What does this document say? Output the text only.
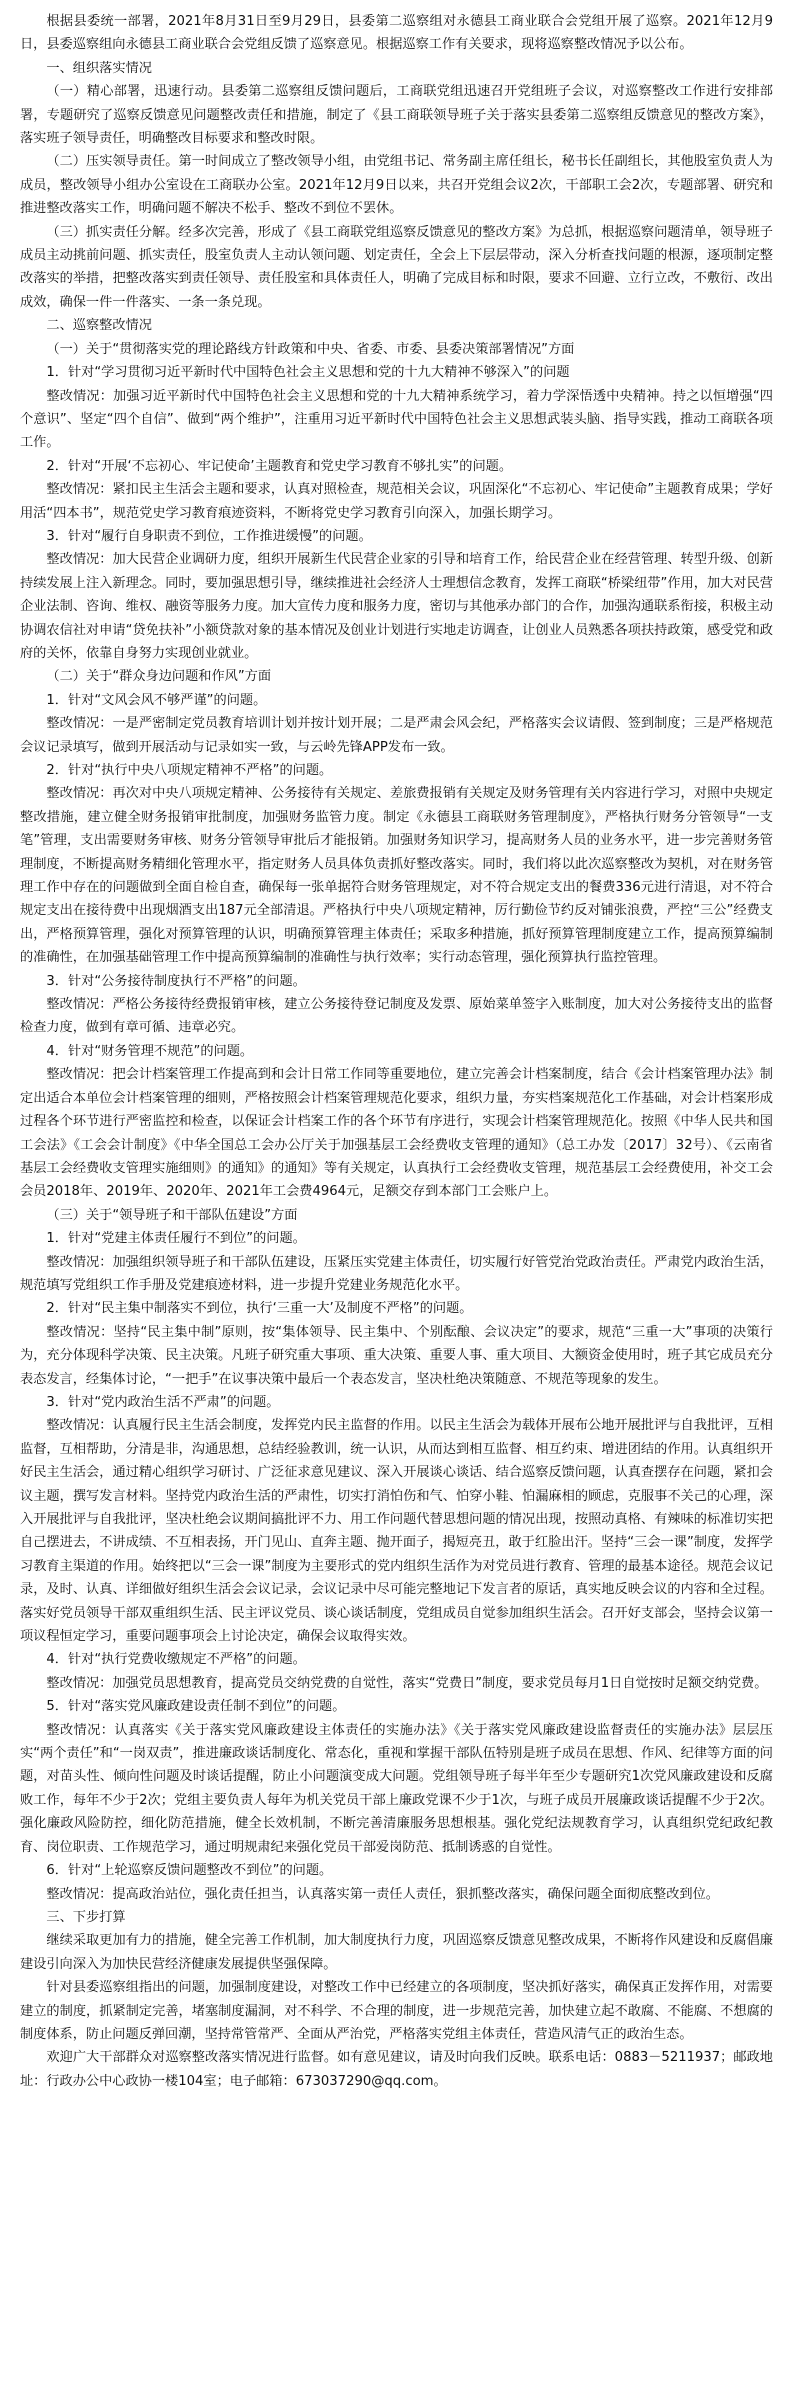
根据县委统一部署，2021年8月31日至9月29日，县委第二巡察组对永德县工商业联合会党组开展了巡察。2021年12月9日，县委巡察组向永德县工商业联合会党组反馈了巡察意见。根据巡察工作有关要求，现将巡察整改情况予以公布。

一、组织落实情况

（一）精心部署，迅速行动。县委第二巡察组反馈问题后，工商联党组迅速召开党组班子会议，对巡察整改工作进行安排部署，专题研究了巡察反馈意见问题整改责任和措施，制定了《县工商联领导班子关于落实县委第二巡察组反馈意见的整改方案》，落实班子领导责任，明确整改目标要求和整改时限。

（二）压实领导责任。第一时间成立了整改领导小组，由党组书记、常务副主席任组长，秘书长任副组长，其他股室负责人为成员，整改领导小组办公室设在工商联办公室。2021年12月9日以来，共召开党组会议2次，干部职工会2次，专题部署、研究和推进整改落实工作，明确问题不解决不松手、整改不到位不罢休。

（三）抓实责任分解。经多次完善，形成了《县工商联党组巡察反馈意见的整改方案》为总抓，根据巡察问题清单，领导班子成员主动挑前问题、抓实责任，股室负责人主动认领问题、划定责任，全会上下层层带动，深入分析查找问题的根源，逐项制定整改落实的举措，把整改落实到责任领导、责任股室和具体责任人，明确了完成目标和时限，要求不回避、立行立改，不敷衍、改出成效，确保一件一件落实、一条一条兑现。

二、巡察整改情况

（一）关于“贯彻落实党的理论路线方针政策和中央、省委、市委、县委决策部署情况”方面

1．针对“学习贯彻习近平新时代中国特色社会主义思想和党的十九大精神不够深入”的问题

整改情况：加强习近平新时代中国特色社会主义思想和党的十九大精神系统学习，着力学深悟透中央精神。持之以恒增强“四个意识”、坚定“四个自信”、做到“两个维护”，注重用习近平新时代中国特色社会主义思想武装头脑、指导实践，推动工商联各项工作。

2．针对“开展‘不忘初心、牢记使命’主题教育和党史学习教育不够扎实”的问题。

整改情况：紧扣民主生活会主题和要求，认真对照检查，规范相关会议，巩固深化“不忘初心、牢记使命”主题教育成果；学好用活“四本书”，规范党史学习教育痕迹资料，不断将党史学习教育引向深入，加强长期学习。

3．针对“履行自身职责不到位，工作推进缓慢”的问题。

整改情况：加大民营企业调研力度，组织开展新生代民营企业家的引导和培育工作，给民营企业在经营管理、转型升级、创新持续发展上注入新理念。同时，要加强思想引导，继续推进社会经济人士理想信念教育，发挥工商联“桥梁纽带”作用，加大对民营企业法制、咨询、维权、融资等服务力度。加大宣传力度和服务力度，密切与其他承办部门的合作，加强沟通联系衔接，积极主动协调农信社对申请“贷免扶补”小额贷款对象的基本情况及创业计划进行实地走访调查，让创业人员熟悉各项扶持政策，感受党和政府的关怀，依靠自身努力实现创业就业。

（二）关于“群众身边问题和作风”方面

1．针对“文风会风不够严谨”的问题。

整改情况：一是严密制定党员教育培训计划并按计划开展；二是严肃会风会纪，严格落实会议请假、签到制度；三是严格规范会议记录填写，做到开展活动与记录如实一致，与云岭先锋APP发布一致。

2．针对“执行中央八项规定精神不严格”的问题。

整改情况：再次对中央八项规定精神、公务接待有关规定、差旅费报销有关规定及财务管理有关内容进行学习，对照中央规定整改措施，建立健全财务报销审批制度，加强财务监管力度。制定《永德县工商联财务管理制度》，严格执行财务分管领导“一支笔”管理，支出需要财务审核、财务分管领导审批后才能报销。加强财务知识学习，提高财务人员的业务水平，进一步完善财务管理制度，不断提高财务精细化管理水平，指定财务人员具体负责抓好整改落实。同时，我们将以此次巡察整改为契机，对在财务管理工作中存在的问题做到全面自检自查，确保每一张单据符合财务管理规定，对不符合规定支出的餐费336元进行清退，对不符合规定支出在接待费中出现烟酒支出187元全部清退。严格执行中央八项规定精神，厉行勤俭节约反对铺张浪费，严控“三公”经费支出，严格预算管理，强化对预算管理的认识，明确预算管理主体责任；采取多种措施，抓好预算管理制度建立工作，提高预算编制的准确性，在加强基础管理工作中提高预算编制的准确性与执行效率；实行动态管理，强化预算执行监控管理。

3．针对“公务接待制度执行不严格”的问题。

整改情况：严格公务接待经费报销审核，建立公务接待登记制度及发票、原始菜单签字入账制度，加大对公务接待支出的监督检查力度，做到有章可循、违章必究。

4．针对“财务管理不规范”的问题。

整改情况：把会计档案管理工作提高到和会计日常工作同等重要地位，建立完善会计档案制度，结合《会计档案管理办法》制定出适合本单位会计档案管理的细则，严格按照会计档案管理规范化要求，组织力量，夯实档案规范化工作基础，对会计档案形成过程各个环节进行严密监控和检查，以保证会计档案工作的各个环节有序进行，实现会计档案管理规范化。按照《中华人民共和国工会法》《工会会计制度》《中华全国总工会办公厅关于加强基层工会经费收支管理的通知》（总工办发〔2017〕32号）、《云南省基层工会经费收支管理实施细则》的通知》的通知》等有关规定，认真执行工会经费收支管理，规范基层工会经费使用，补交工会会员2018年、2019年、2020年、2021年工会费4964元，足额交存到本部门工会账户上。

（三）关于“领导班子和干部队伍建设”方面

1．针对“党建主体责任履行不到位”的问题。

整改情况：加强组织领导班子和干部队伍建设，压紧压实党建主体责任，切实履行好管党治党政治责任。严肃党内政治生活，规范填写党组织工作手册及党建痕迹材料，进一步提升党建业务规范化水平。

2．针对“民主集中制落实不到位，执行‘三重一大’及制度不严格”的问题。

整改情况：坚持“民主集中制”原则，按“集体领导、民主集中、个别酝酿、会议决定”的要求，规范“三重一大”事项的决策行为，充分体现科学决策、民主决策。凡班子研究重大事项、重大决策、重要人事、重大项目、大额资金使用时，班子其它成员充分表态发言，经集体讨论，“一把手”在议事决策中最后一个表态发言，坚决杜绝决策随意、不规范等现象的发生。

3．针对“党内政治生活不严肃”的问题。

整改情况：认真履行民主生活会制度，发挥党内民主监督的作用。以民主生活会为载体开展布公地开展批评与自我批评，互相监督，互相帮助，分清是非，沟通思想，总结经验教训，统一认识，从而达到相互监督、相互约束、增进团结的作用。认真组织开好民主生活会，通过精心组织学习研讨、广泛征求意见建议、深入开展谈心谈话、结合巡察反馈问题，认真查摆存在问题，紧扣会议主题，撰写发言材料。坚持党内政治生活的严肃性，切实打消怕伤和气、怕穿小鞋、怕漏麻相的顾虑，克服事不关己的心理，深入开展批评与自我批评，坚决杜绝会议期间搞批评不力、用工作问题代替思想问题的情况出现，按照动真格、有辣味的标准切实把自己摆进去，不讲成绩、不互相表扬，开门见山、直奔主题、抛开面子，揭短亮丑，敢于红脸出汗。坚持“三会一课”制度，发挥学习教育主渠道的作用。始终把以“三会一课”制度为主要形式的党内组织生活作为对党员进行教育、管理的最基本途径。规范会议记录，及时、认真、详细做好组织生活会会议记录，会议记录中尽可能完整地记下发言者的原话，真实地反映会议的内容和全过程。落实好党员领导干部双重组织生活、民主评议党员、谈心谈话制度，党组成员自觉参加组织生活会。召开好支部会，坚持会议第一项议程恒定学习，重要问题事项会上讨论决定，确保会议取得实效。

4．针对“执行党费收缴规定不严格”的问题。

整改情况：加强党员思想教育，提高党员交纳党费的自觉性，落实“党费日”制度，要求党员每月1日自觉按时足额交纳党费。

5．针对“落实党风廉政建设责任制不到位”的问题。

整改情况：认真落实《关于落实党风廉政建设主体责任的实施办法》《关于落实党风廉政建设监督责任的实施办法》层层压实“两个责任”和“一岗双责”，推进廉政谈话制度化、常态化，重视和掌握干部队伍特别是班子成员在思想、作风、纪律等方面的问题，对苗头性、倾向性问题及时谈话提醒，防止小问题演变成大问题。党组领导班子每半年至少专题研究1次党风廉政建设和反腐败工作，每年不少于2次；党组主要负责人每年为机关党员干部上廉政党课不少于1次，与班子成员开展廉政谈话提醒不少于2次。强化廉政风险防控，细化防范措施，健全长效机制，不断完善清廉服务思想根基。强化党纪法规教育学习，认真组织党纪政纪教育、岗位职责、工作规范学习，通过明规肃纪来强化党员干部爱岗防范、抵制诱惑的自觉性。

6．针对“上轮巡察反馈问题整改不到位”的问题。

整改情况：提高政治站位，强化责任担当，认真落实第一责任人责任，狠抓整改落实，确保问题全面彻底整改到位。

三、下步打算

继续采取更加有力的措施，健全完善工作机制，加大制度执行力度，巩固巡察反馈意见整改成果，不断将作风建设和反腐倡廉建设引向深入为加快民营经济健康发展提供坚强保障。

针对县委巡察组指出的问题，加强制度建设，对整改工作中已经建立的各项制度，坚决抓好落实，确保真正发挥作用，对需要建立的制度，抓紧制定完善，堵塞制度漏洞，对不科学、不合理的制度，进一步规范完善，加快建立起不敢腐、不能腐、不想腐的制度体系，防止问题反弹回潮，坚持常管常严、全面从严治党，严格落实党组主体责任，营造风清气正的政治生态。

欢迎广大干部群众对巡察整改落实情况进行监督。如有意见建议，请及时向我们反映。联系电话：0883－5211937；邮政地址：行政办公中心政协一楼104室；电子邮箱：673037290@qq.com。
